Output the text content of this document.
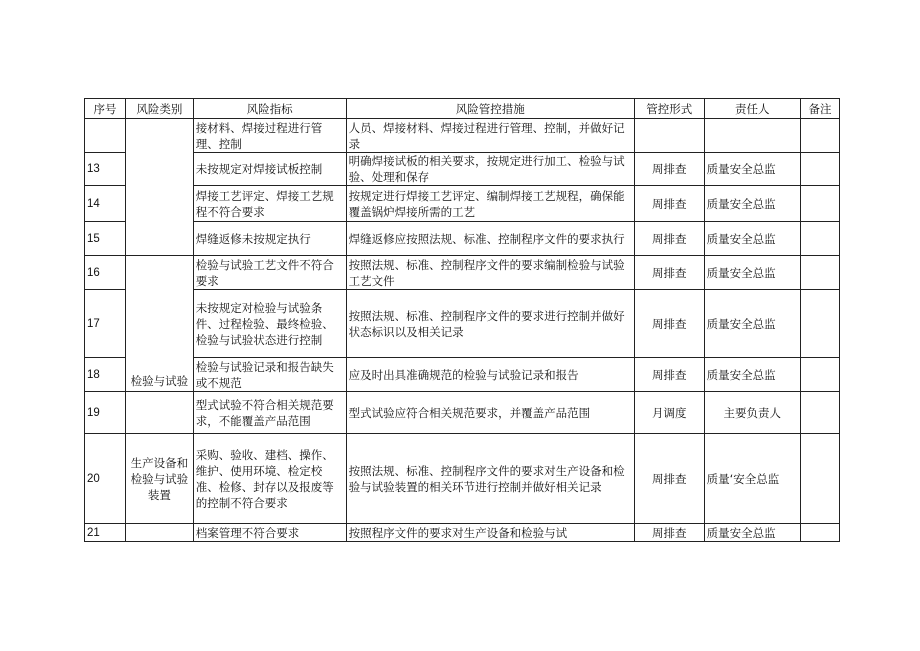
序号	风险类别	风险指标	风险管控措施	管控形式	责任人	备注
		接材料、焊接过程进行管理、控制	人员、焊接材料、焊接过程进行管理、控制，并做好记录			
13		未按规定对焊接试板控制	明确焊接试板的相关要求，按规定进行加工、检验与试验、处理和保存	周排查	质量安全总监	
14		焊接工艺评定、焊接工艺规程不符合要求	按规定进行焊接工艺评定、编制焊接工艺规程，确保能覆盖锅炉焊接所需的工艺	周排查	质量安全总监	
15		焊缝返修未按规定执行	焊缝返修应按照法规、标准、控制程序文件的要求执行	周排查	质量安全总监	
16	检验与试验	检验与试验工艺文件不符合要求	按照法规、标准、控制程序文件的要求编制检验与试验工艺文件	周排查	质量安全总监	
17		未按规定对检验与试验条件、过程检验、最终检验、检验与试验状态进行控制	按照法规、标准、控制程序文件的要求进行控制并做好状态标识以及相关记录	周排查	质量安全总监	
18		检验与试验记录和报告缺失或不规范	应及时出具准确规范的检验与试验记录和报告	周排查	质量安全总监	
19		型式试验不符合相关规范要求，不能覆盖产品范围	型式试验应符合相关规范要求，并覆盖产品范围	月调度	主要负责人	
20	生产设备和检验与试验装置	采购、验收、建档、操作、维护、使用环境、检定校准、检修、封存以及报废等的控制不符合要求	按照法规、标准、控制程序文件的要求对生产设备和检验与试验装置的相关环节进行控制并做好相关记录	周排查	质量‘安全总监	
21		档案管理不符合要求	按照程序文件的要求对生产设备和检验与试	周排查	质量安全总监	
